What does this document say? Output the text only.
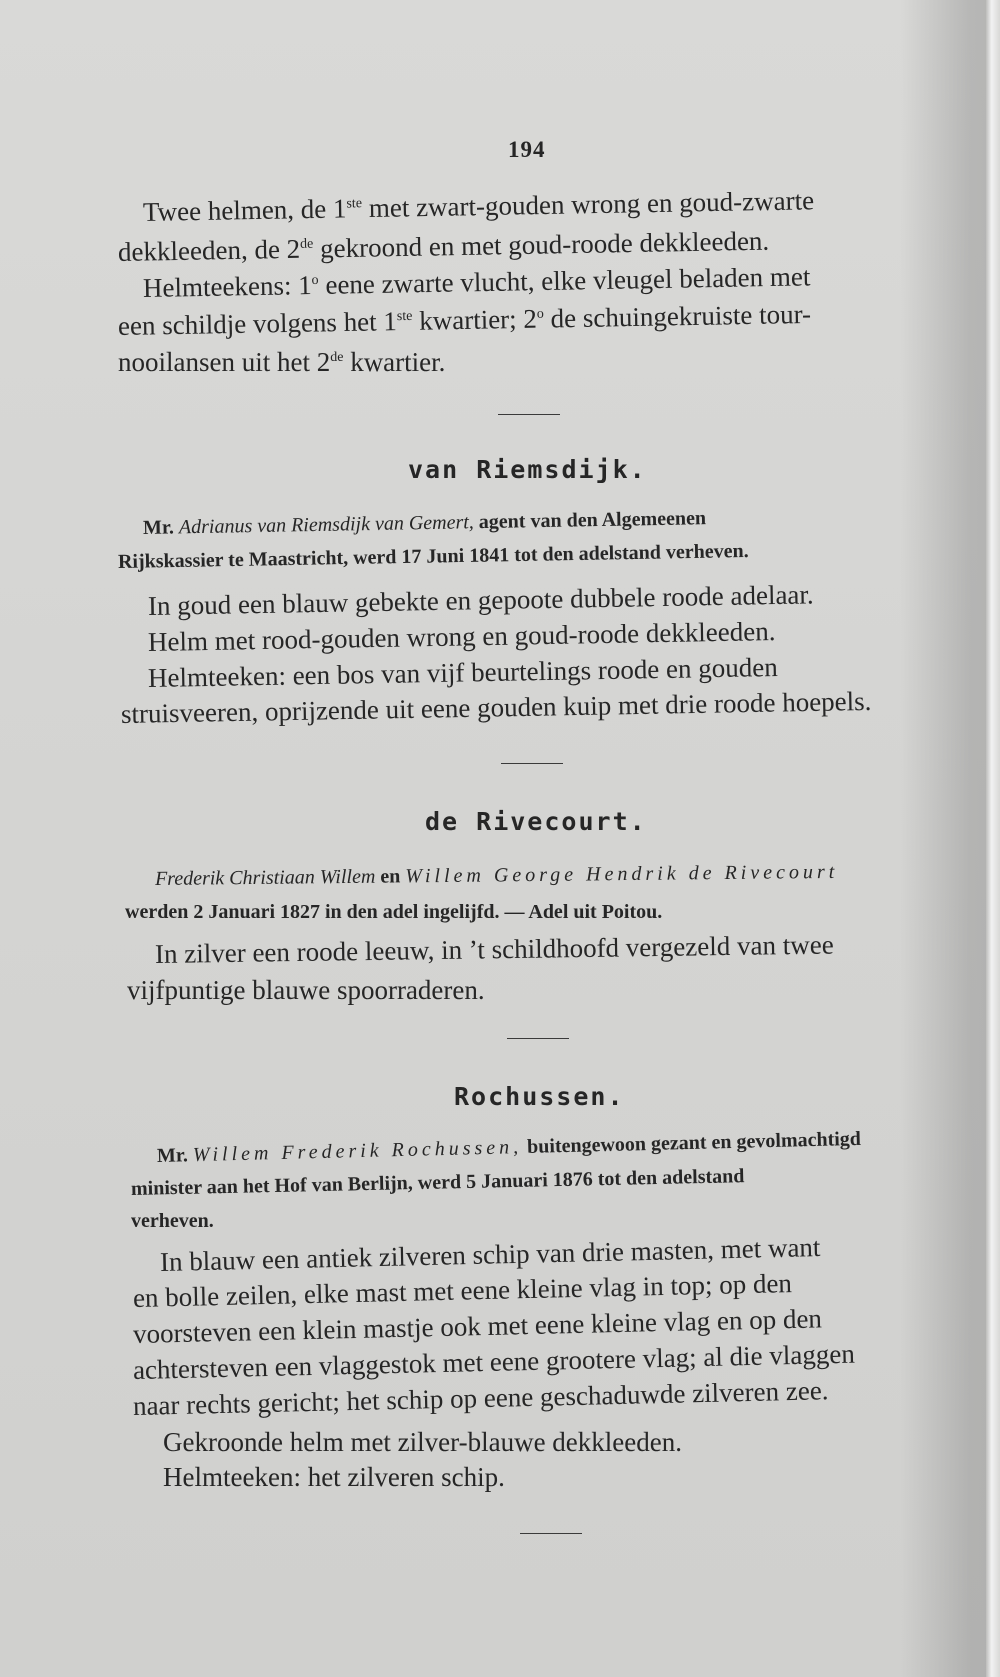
194
Twee helmen, de 1ste met zwart-gouden wrong en goud-zwarte
dekkleeden, de 2de gekroond en met goud-roode dekkleeden.
Helmteekens: 1$^o$ eene zwarte vlucht, elke vleugel beladen met
een schildje volgens het 1ste kwartier; 2$^o$ de schuingekruiste tour-
nooilansen uit het 2de kwartier.
van Riemsdijk.
Mr. Adrianus van Riemsdijk van Gemert, agent van den Algemeenen
Rijkskassier te Maastricht, werd 17 Juni 1841 tot den adelstand verheven.
In goud een blauw gebekte en gepoote dubbele roode adelaar.
Helm met rood-gouden wrong en goud-roode dekkleeden.
Helmteeken: een bos van vijf beurtelings roode en gouden
struisveeren, oprijzende uit eene gouden kuip met drie roode hoepels.
de Rivecourt.
Frederik Christiaan Willem en Willem George Hendrik de Rivecourt
werden 2 Januari 1827 in den adel ingelijfd. — Adel uit Poitou.
In zilver een roode leeuw, in ’t schildhoofd vergezeld van twee
vijfpuntige blauwe spoorraderen.
Rochussen.
Mr. Willem Frederik Rochussen, buitengewoon gezant en gevolmachtigd
minister aan het Hof van Berlijn, werd 5 Januari 1876 tot den adelstand
verheven.
In blauw een antiek zilveren schip van drie masten, met want
en bolle zeilen, elke mast met eene kleine vlag in top; op den
voorsteven een klein mastje ook met eene kleine vlag en op den
achtersteven een vlaggestok met eene grootere vlag; al die vlaggen
naar rechts gericht; het schip op eene geschaduwde zilveren zee.
Gekroonde helm met zilver-blauwe dekkleeden.
Helmteeken: het zilveren schip.
